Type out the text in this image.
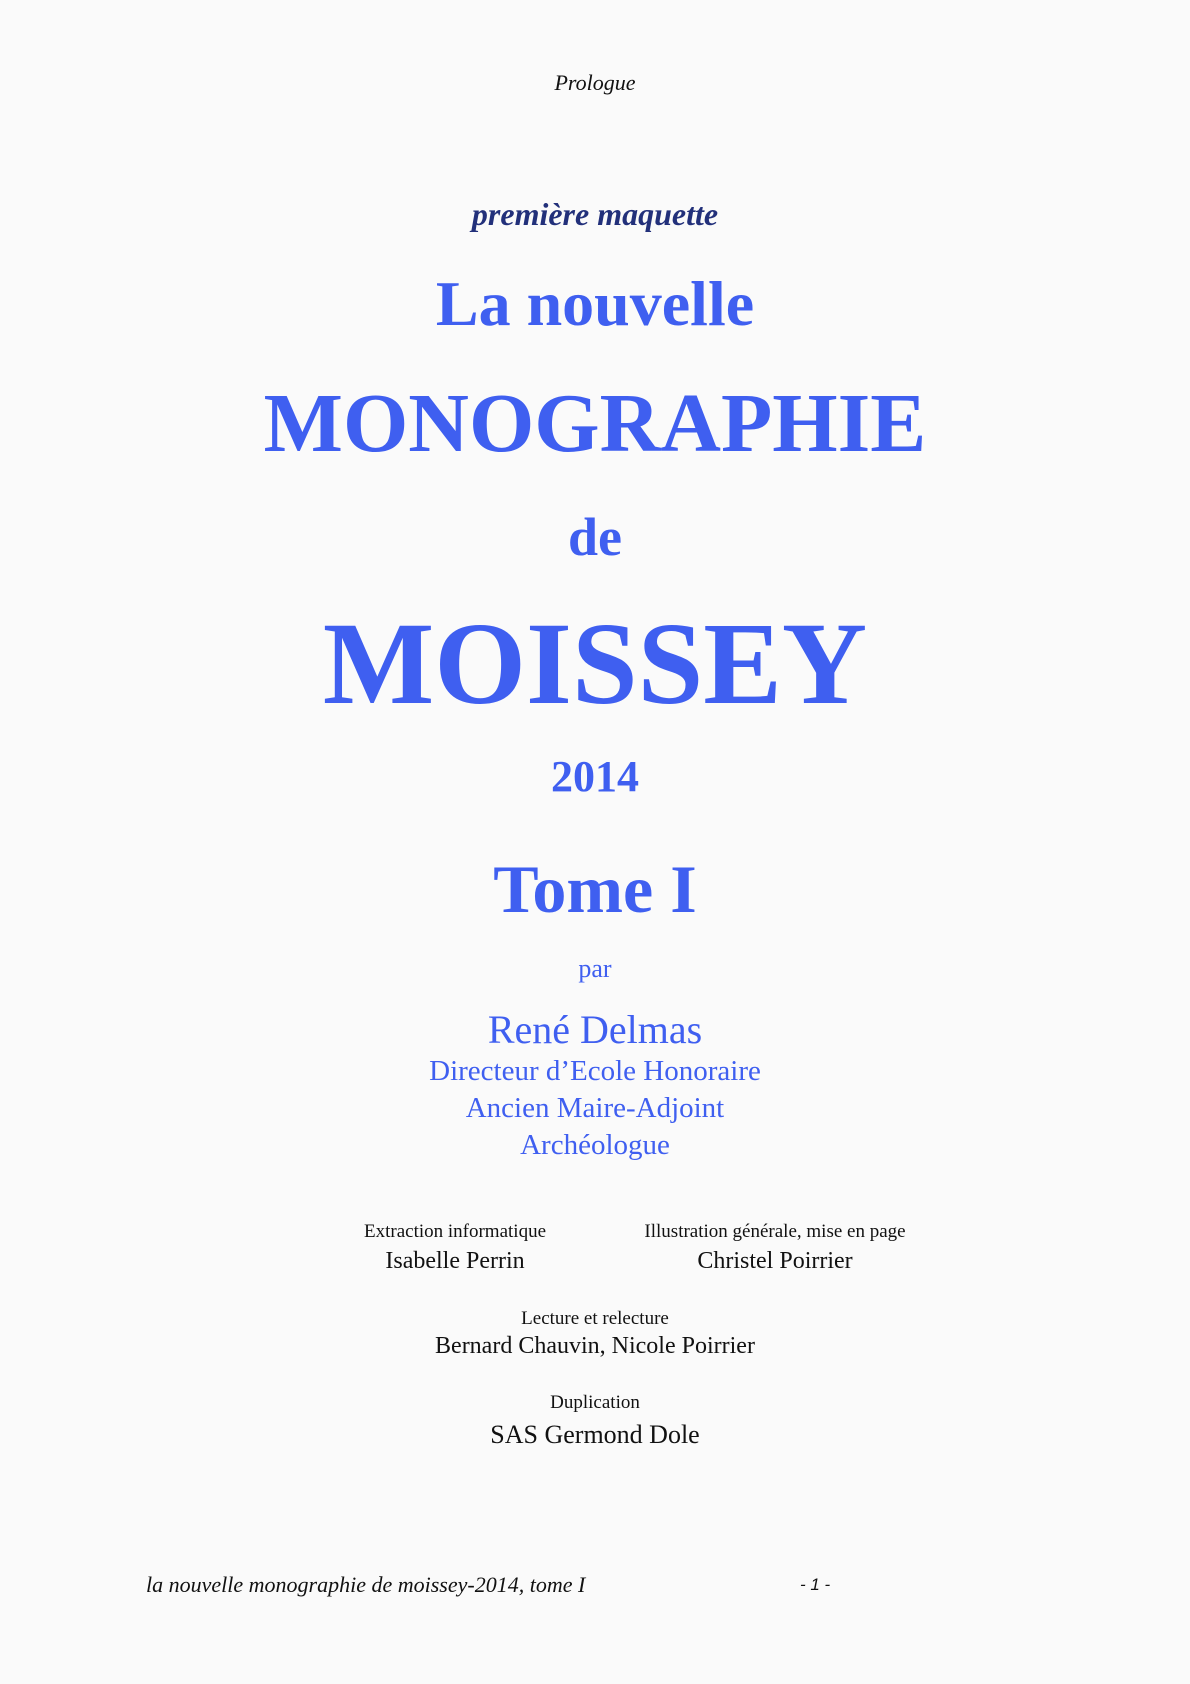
Prologue
première maquette
La nouvelle
MONOGRAPHIE
de
MOISSEY
2014
Tome I
par
René Delmas
Directeur d’Ecole Honoraire
Ancien Maire-Adjoint
Archéologue
Extraction informatique
Isabelle Perrin
Illustration générale, mise en page
Christel Poirrier
Lecture et relecture
Bernard Chauvin, Nicole Poirrier
Duplication
SAS Germond Dole
la nouvelle monographie de moissey-2014, tome I	- 1 -
